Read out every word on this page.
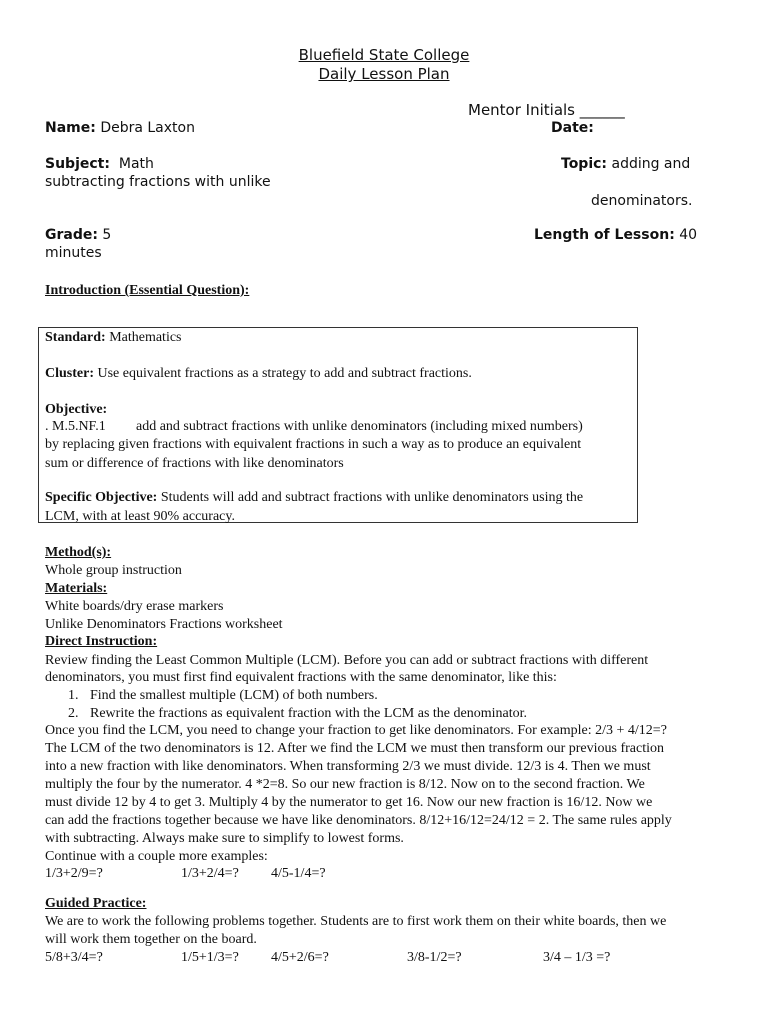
Bluefield State College
Daily Lesson Plan
Mentor Initials ______
Name: Debra Laxton	Date:
Subject: Math	Topic: adding and
subtracting fractions with unlike
denominators.
Grade: 5	Length of Lesson: 40
minutes
Introduction (Essential Question):
Standard: Mathematics
Cluster: Use equivalent fractions as a strategy to add and subtract fractions.
Objective:
. M.5.NF.1 add and subtract fractions with unlike denominators (including mixed numbers)
by replacing given fractions with equivalent fractions in such a way as to produce an equivalent
sum or difference of fractions with like denominators
Specific Objective: Students will add and subtract fractions with unlike denominators using the
LCM, with at least 90% accuracy.
Method(s):
Whole group instruction
Materials:
White boards/dry erase markers
Unlike Denominators Fractions worksheet
Direct Instruction:
Review finding the Least Common Multiple (LCM). Before you can add or subtract fractions with different
denominators, you must first find equivalent fractions with the same denominator, like this:
1. Find the smallest multiple (LCM) of both numbers.
2. Rewrite the fractions as equivalent fraction with the LCM as the denominator.
Once you find the LCM, you need to change your fraction to get like denominators. For example: 2/3 + 4/12=?
The LCM of the two denominators is 12. After we find the LCM we must then transform our previous fraction
into a new fraction with like denominators. When transforming 2/3 we must divide. 12/3 is 4. Then we must
multiply the four by the numerator. 4 *2=8. So our new fraction is 8/12. Now on to the second fraction. We
must divide 12 by 4 to get 3. Multiply 4 by the numerator to get 16. Now our new fraction is 16/12. Now we
can add the fractions together because we have like denominators. 8/12+16/12=24/12 = 2. The same rules apply
with subtracting. Always make sure to simplify to lowest forms.
Continue with a couple more examples:
1/3+2/9=?	1/3+2/4=? 4/5-1/4=?
Guided Practice:
We are to work the following problems together. Students are to first work them on their white boards, then we
will work them together on the board.
5/8+3/4=?	1/5+1/3=? 4/5+2/6=?	3/8-1/2=?	3/4 – 1/3 =?
